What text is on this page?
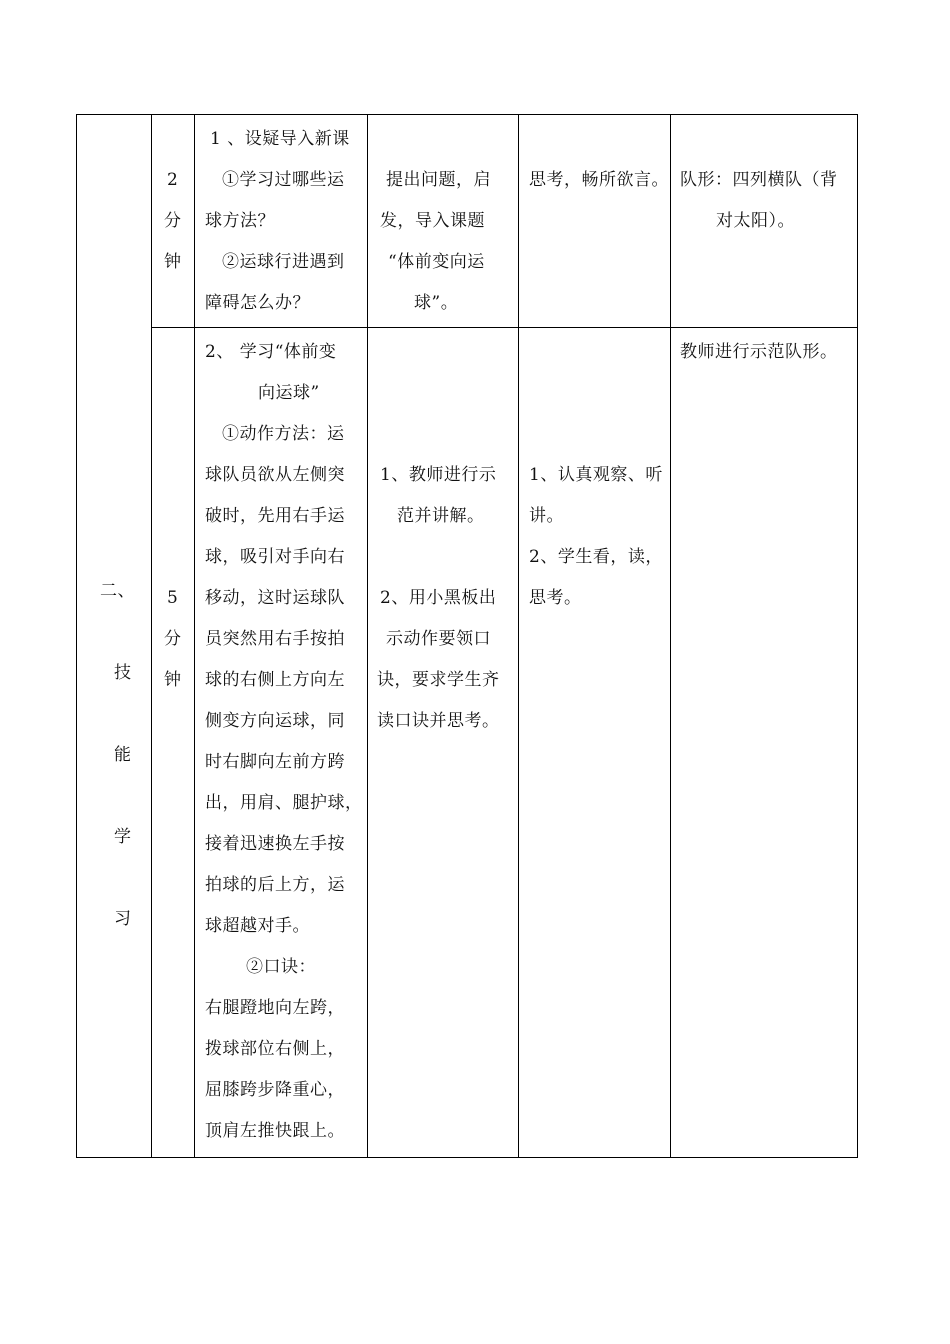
二、
技
能
学
习
2
分
钟
1 、设疑导入新课
①学习过哪些运
球方法？
②运球行进遇到
障碍怎么办？
提出问题，启
发，导入课题
“体前变向运
球”。
思考，畅所欲言。 队形：四列横队（背
对太阳）。
5
分
钟
2、 学习“体前变
向运球”
①动作方法：运
球队员欲从左侧突
破时，先用右手运
球，吸引对手向右
移动，这时运球队
员突然用右手按拍
球的右侧上方向左
侧变方向运球，同
时右脚向左前方跨
出，用肩、腿护球，
接着迅速换左手按
拍球的后上方，运
球超越对手。
②口诀：
右腿蹬地向左跨，
拨球部位右侧上，
屈膝跨步降重心，
顶肩左推快跟上。
1、教师进行示
范并讲解。
2、用小黑板出
示动作要领口
诀，要求学生齐
读口诀并思考。
1、认真观察、听
讲。
2、学生看，读，
思考。
教师进行示范队形。
